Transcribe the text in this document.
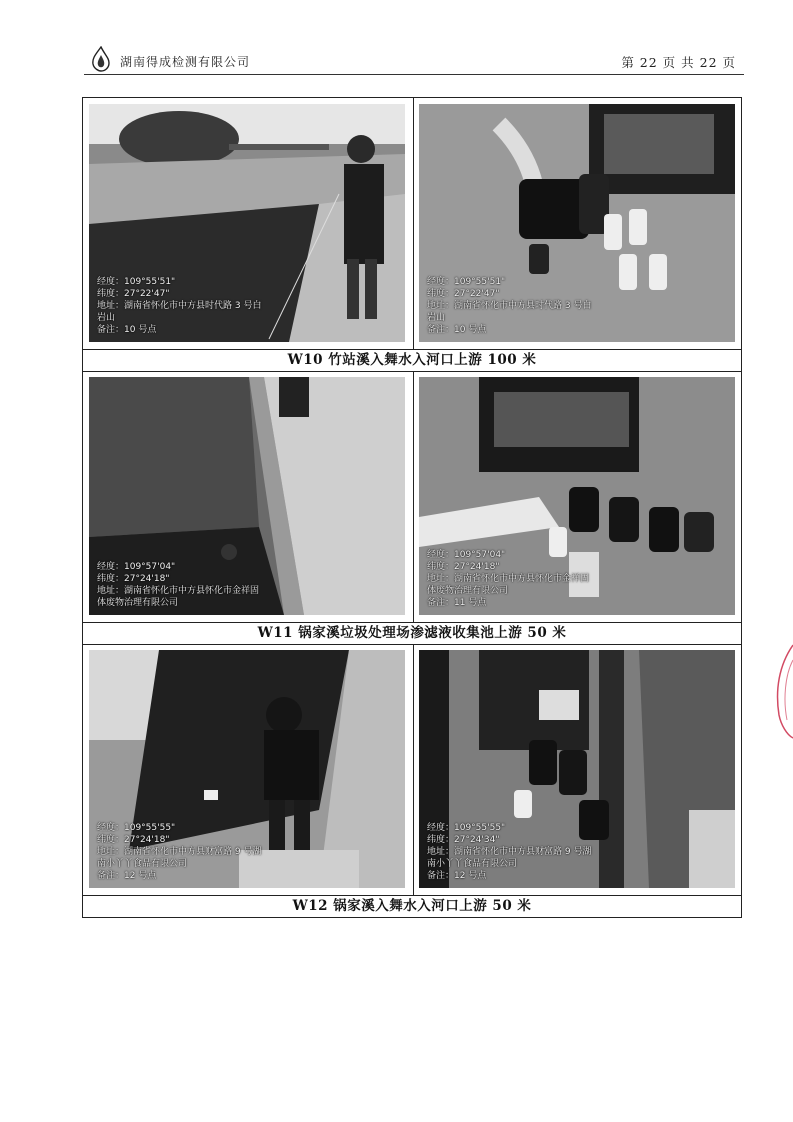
湖南得成检测有限公司	第 22 页 共 22 页
经度：109°55'51"
纬度：27°22'47"
地址：湖南省怀化市中方县时代路 3 号白
岩山
备注：10 号点
经度：109°55'51"
纬度：27°22'47"
地址：湖南省怀化市中方县时代路 3 号白
岩山
备注：10 号点
W10 竹站溪入舞水入河口上游 100 米
经度：109°57'04"
纬度：27°24'18"
地址：湖南省怀化市中方县怀化市金祥固
体废物治理有限公司
经度：109°57'04"
纬度：27°24'18"
地址：湖南省怀化市中方县怀化市金祥固
体废物治理有限公司
备注：11 号点
W11 锅家溪垃圾处理场渗滤液收集池上游 50 米
经度：109°55'55"
纬度：27°24'18"
地址：湖南省怀化市中方县财富路 9 号湖
南小丫丫食品有限公司
备注：12 号点
经度：109°55'55"
纬度：27°24'34"
地址：湖南省怀化市中方县财富路 9 号湖
南小丫丫食品有限公司
备注：12 号点
W12 锅家溪入舞水入河口上游 50 米
